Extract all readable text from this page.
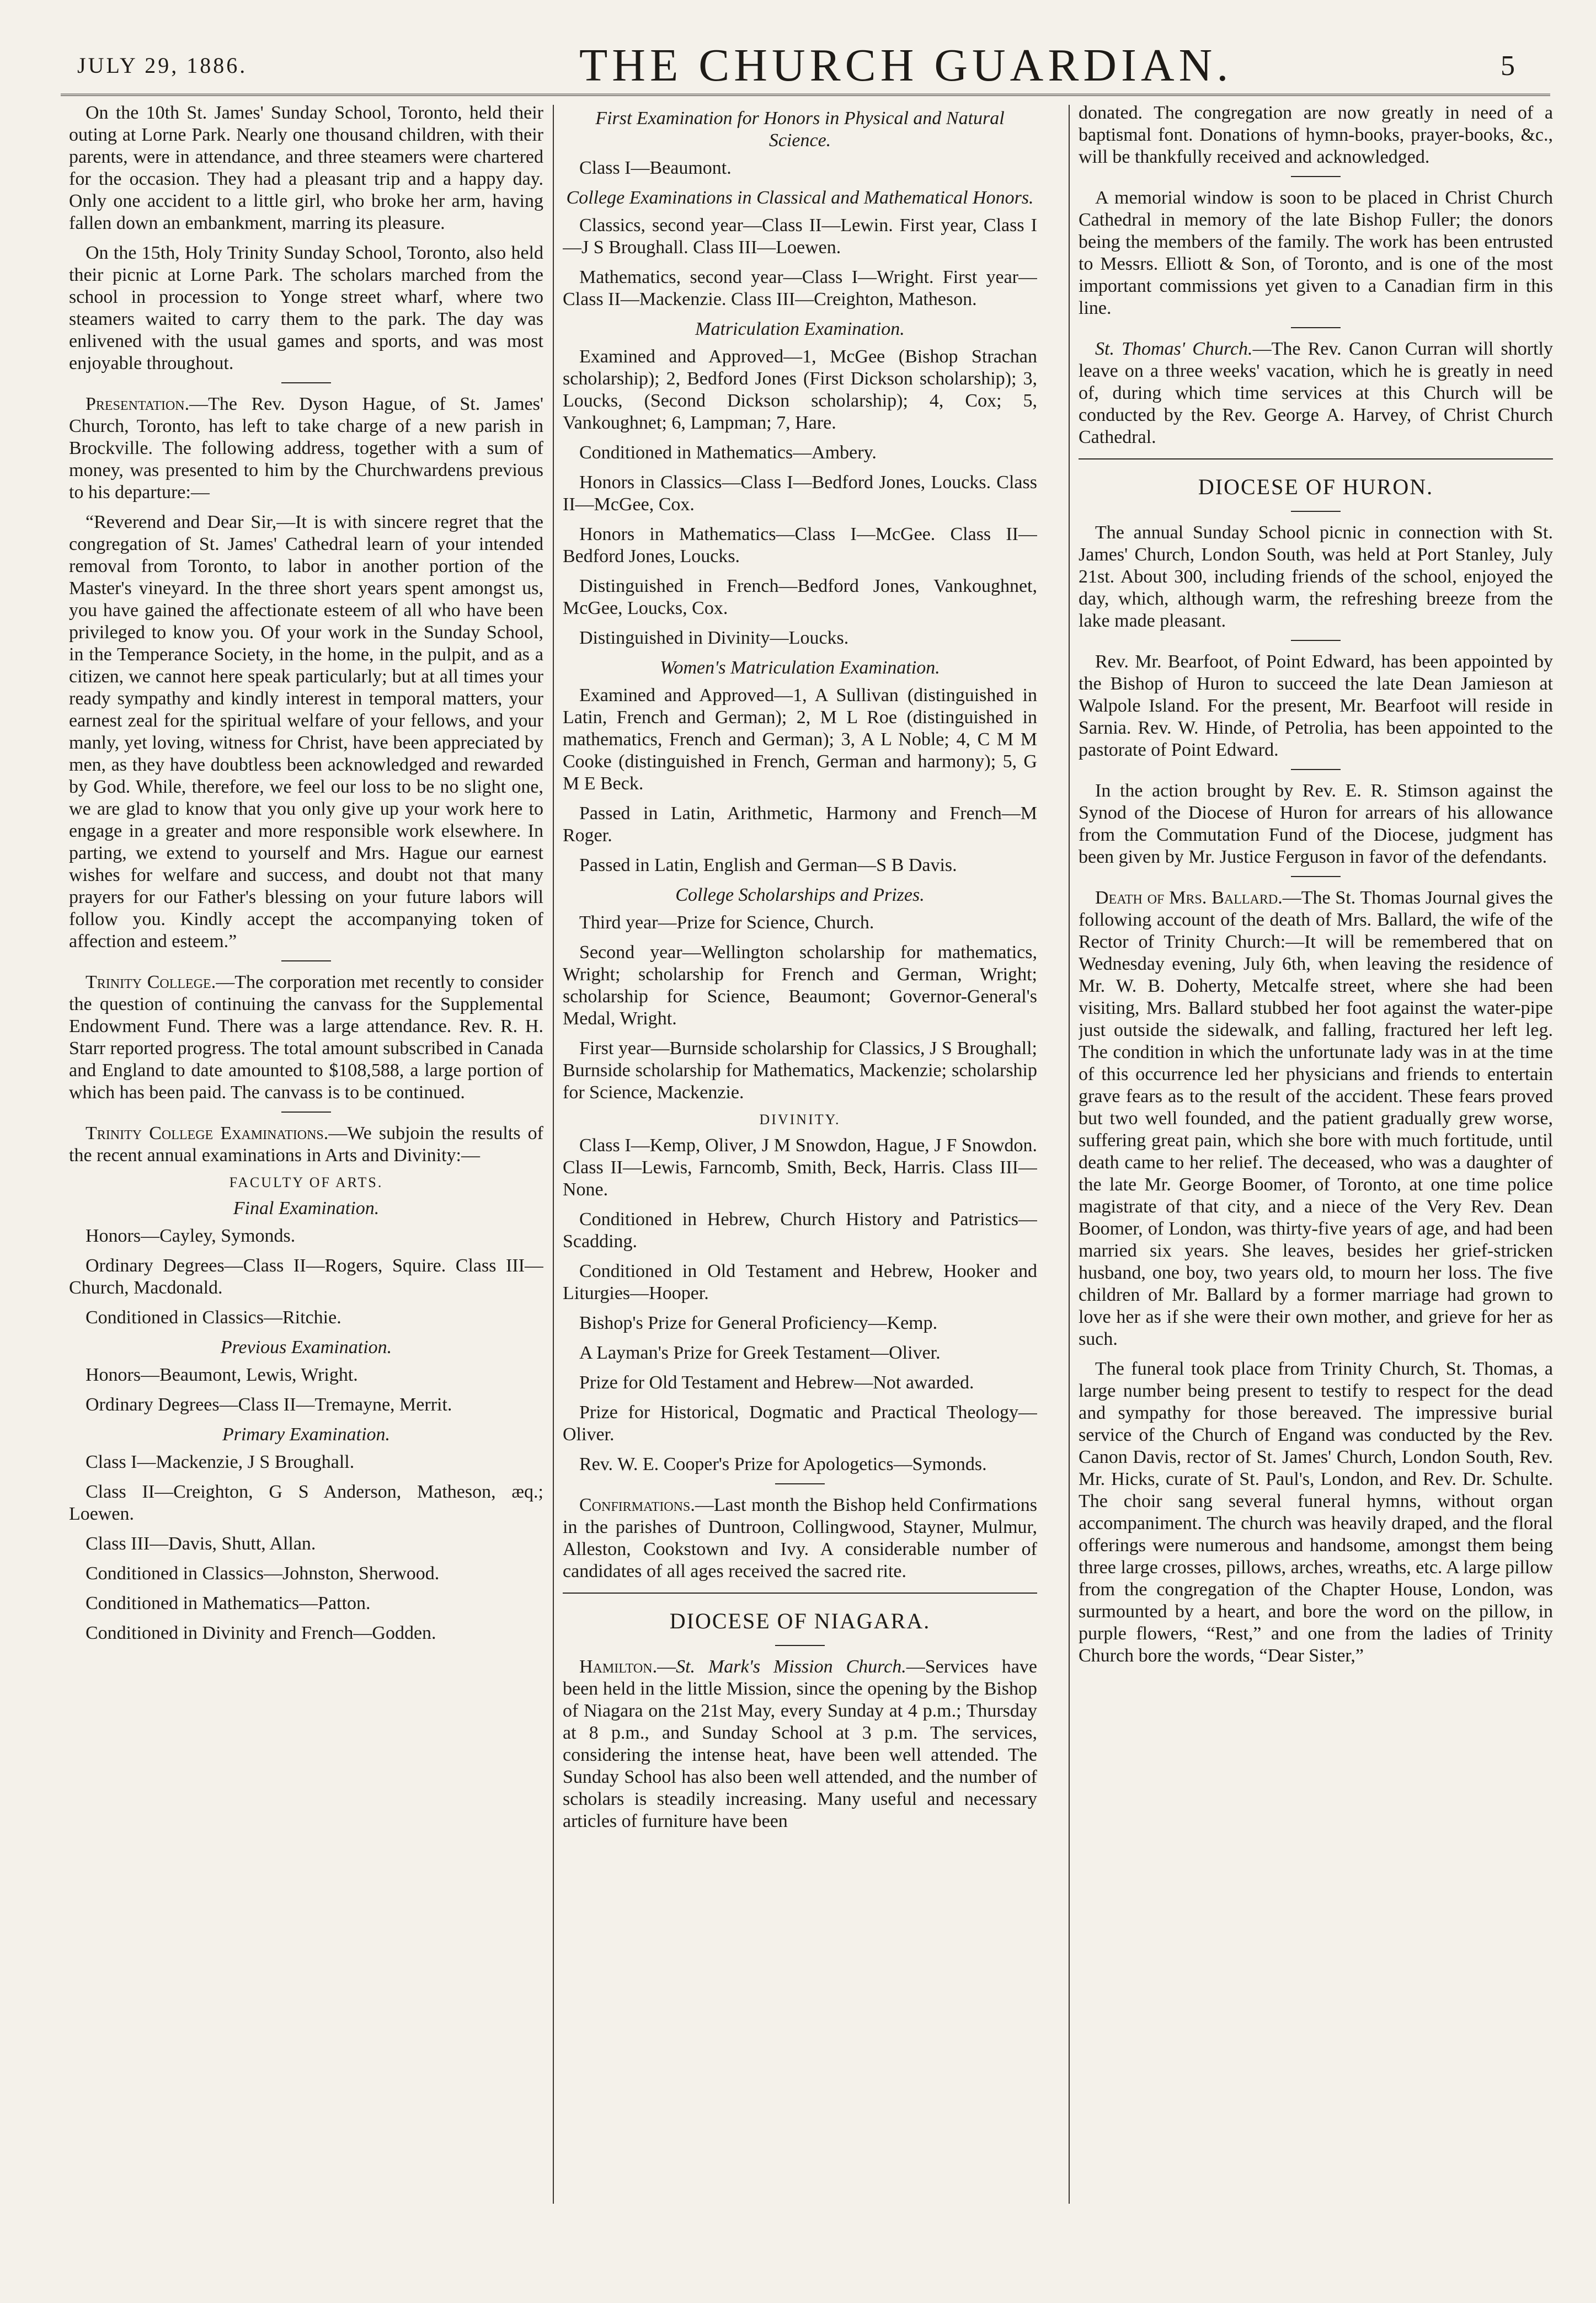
JULY 29, 1886.	THE CHURCH GUARDIAN.	5

On the 10th St. James' Sunday School, Toronto, held their outing at Lorne Park. Nearly one thousand children, with their parents, were in attendance, and three steamers were chartered for the occasion. They had a pleasant trip and a happy day. Only one accident to a little girl, who broke her arm, having fallen down an embankment, marring its pleasure.

On the 15th, Holy Trinity Sunday School, Toronto, also held their picnic at Lorne Park. The scholars marched from the school in procession to Yonge street wharf, where two steamers waited to carry them to the park. The day was enlivened with the usual games and sports, and was most enjoyable throughout.

Presentation.—The Rev. Dyson Hague, of St. James' Church, Toronto, has left to take charge of a new parish in Brockville. The following address, together with a sum of money, was presented to him by the Churchwardens previous to his departure:—

“Reverend and Dear Sir,—It is with sincere regret that the congregation of St. James' Cathedral learn of your intended removal from Toronto, to labor in another portion of the Master's vineyard. In the three short years spent amongst us, you have gained the affectionate esteem of all who have been privileged to know you. Of your work in the Sunday School, in the Temperance Society, in the home, in the pulpit, and as a citizen, we cannot here speak particularly; but at all times your ready sympathy and kindly interest in temporal matters, your earnest zeal for the spiritual welfare of your fellows, and your manly, yet loving, witness for Christ, have been appreciated by men, as they have doubtless been acknowledged and rewarded by God. While, therefore, we feel our loss to be no slight one, we are glad to know that you only give up your work here to engage in a greater and more responsible work elsewhere. In parting, we extend to yourself and Mrs. Hague our earnest wishes for welfare and success, and doubt not that many prayers for our Father's blessing on your future labors will follow you. Kindly accept the accompanying token of affection and esteem.”

Trinity College.—The corporation met recently to consider the question of continuing the canvass for the Supplemental Endowment Fund. There was a large attendance. Rev. R. H. Starr reported progress. The total amount subscribed in Canada and England to date amounted to $108,588, a large portion of which has been paid. The canvass is to be continued.

Trinity College Examinations.—We subjoin the results of the recent annual examinations in Arts and Divinity:—

FACULTY OF ARTS.
Final Examination.

Honors—Cayley, Symonds.

Ordinary Degrees—Class II—Rogers, Squire. Class III—Church, Macdonald.

Conditioned in Classics—Ritchie.

Previous Examination.

Honors—Beaumont, Lewis, Wright.

Ordinary Degrees—Class II—Tremayne, Merrit.

Primary Examination.

Class I—Mackenzie, J S Broughall.

Class II—Creighton, G S Anderson, Matheson, æq.; Loewen.

Class III—Davis, Shutt, Allan.

Conditioned in Classics—Johnston, Sherwood.

Conditioned in Mathematics—Patton.

Conditioned in Divinity and French—Godden.

First Examination for Honors in Physical and Natural Science.

Class I—Beaumont.

College Examinations in Classical and Mathematical Honors.

Classics, second year—Class II—Lewin. First year, Class I—J S Broughall. Class III—Loewen.

Mathematics, second year—Class I—Wright. First year—Class II—Mackenzie. Class III—Creighton, Matheson.

Matriculation Examination.

Examined and Approved—1, McGee (Bishop Strachan scholarship); 2, Bedford Jones (First Dickson scholarship); 3, Loucks, (Second Dickson scholarship); 4, Cox; 5, Vankoughnet; 6, Lampman; 7, Hare.

Conditioned in Mathematics—Ambery.

Honors in Classics—Class I—Bedford Jones, Loucks. Class II—McGee, Cox.

Honors in Mathematics—Class I—McGee. Class II—Bedford Jones, Loucks.

Distinguished in French—Bedford Jones, Vankoughnet, McGee, Loucks, Cox.

Distinguished in Divinity—Loucks.

Women's Matriculation Examination.

Examined and Approved—1, A Sullivan (distinguished in Latin, French and German); 2, M L Roe (distinguished in mathematics, French and German); 3, A L Noble; 4, C M M Cooke (distinguished in French, German and harmony); 5, G M E Beck.

Passed in Latin, Arithmetic, Harmony and French—M Roger.

Passed in Latin, English and German—S B Davis.

College Scholarships and Prizes.

Third year—Prize for Science, Church.

Second year—Wellington scholarship for mathematics, Wright; scholarship for French and German, Wright; scholarship for Science, Beaumont; Governor-General's Medal, Wright.

First year—Burnside scholarship for Classics, J S Broughall; Burnside scholarship for Mathematics, Mackenzie; scholarship for Science, Mackenzie.

DIVINITY.

Class I—Kemp, Oliver, J M Snowdon, Hague, J F Snowdon. Class II—Lewis, Farncomb, Smith, Beck, Harris. Class III—None.

Conditioned in Hebrew, Church History and Patristics—Scadding.

Conditioned in Old Testament and Hebrew, Hooker and Liturgies—Hooper.

Bishop's Prize for General Proficiency—Kemp.

A Layman's Prize for Greek Testament—Oliver.

Prize for Old Testament and Hebrew—Not awarded.

Prize for Historical, Dogmatic and Practical Theology—Oliver.

Rev. W. E. Cooper's Prize for Apologetics—Symonds.

Confirmations.—Last month the Bishop held Confirmations in the parishes of Duntroon, Collingwood, Stayner, Mulmur, Alleston, Cookstown and Ivy. A considerable number of candidates of all ages received the sacred rite.

DIOCESE OF NIAGARA.

Hamilton.—St. Mark's Mission Church.—Services have been held in the little Mission, since the opening by the Bishop of Niagara on the 21st May, every Sunday at 4 p.m.; Thursday at 8 p.m., and Sunday School at 3 p.m. The services, considering the intense heat, have been well attended. The Sunday School has also been well attended, and the number of scholars is steadily increasing. Many useful and necessary articles of furniture have been

donated. The congregation are now greatly in need of a baptismal font. Donations of hymn-books, prayer-books, &c., will be thankfully received and acknowledged.

A memorial window is soon to be placed in Christ Church Cathedral in memory of the late Bishop Fuller; the donors being the members of the family. The work has been entrusted to Messrs. Elliott & Son, of Toronto, and is one of the most important commissions yet given to a Canadian firm in this line.

St. Thomas' Church.—The Rev. Canon Curran will shortly leave on a three weeks' vacation, which he is greatly in need of, during which time services at this Church will be conducted by the Rev. George A. Harvey, of Christ Church Cathedral.

DIOCESE OF HURON.

The annual Sunday School picnic in connection with St. James' Church, London South, was held at Port Stanley, July 21st. About 300, including friends of the school, enjoyed the day, which, although warm, the refreshing breeze from the lake made pleasant.

Rev. Mr. Bearfoot, of Point Edward, has been appointed by the Bishop of Huron to succeed the late Dean Jamieson at Walpole Island. For the present, Mr. Bearfoot will reside in Sarnia. Rev. W. Hinde, of Petrolia, has been appointed to the pastorate of Point Edward.

In the action brought by Rev. E. R. Stimson against the Synod of the Diocese of Huron for arrears of his allowance from the Commutation Fund of the Diocese, judgment has been given by Mr. Justice Ferguson in favor of the defendants.

Death of Mrs. Ballard.—The St. Thomas Journal gives the following account of the death of Mrs. Ballard, the wife of the Rector of Trinity Church:—It will be remembered that on Wednesday evening, July 6th, when leaving the residence of Mr. W. B. Doherty, Metcalfe street, where she had been visiting, Mrs. Ballard stubbed her foot against the water-pipe just outside the sidewalk, and falling, fractured her left leg. The condition in which the unfortunate lady was in at the time of this occurrence led her physicians and friends to entertain grave fears as to the result of the accident. These fears proved but two well founded, and the patient gradually grew worse, suffering great pain, which she bore with much fortitude, until death came to her relief. The deceased, who was a daughter of the late Mr. George Boomer, of Toronto, at one time police magistrate of that city, and a niece of the Very Rev. Dean Boomer, of London, was thirty-five years of age, and had been married six years. She leaves, besides her grief-stricken husband, one boy, two years old, to mourn her loss. The five children of Mr. Ballard by a former marriage had grown to love her as if she were their own mother, and grieve for her as such.

The funeral took place from Trinity Church, St. Thomas, a large number being present to testify to respect for the dead and sympathy for those bereaved. The impressive burial service of the Church of Engand was conducted by the Rev. Canon Davis, rector of St. James' Church, London South, Rev. Mr. Hicks, curate of St. Paul's, London, and Rev. Dr. Schulte. The choir sang several funeral hymns, without organ accompaniment. The church was heavily draped, and the floral offerings were numerous and handsome, amongst them being three large crosses, pillows, arches, wreaths, etc. A large pillow from the congregation of the Chapter House, London, was surmounted by a heart, and bore the word on the pillow, in purple flowers, “Rest,” and one from the ladies of Trinity Church bore the words, “Dear Sister,”
